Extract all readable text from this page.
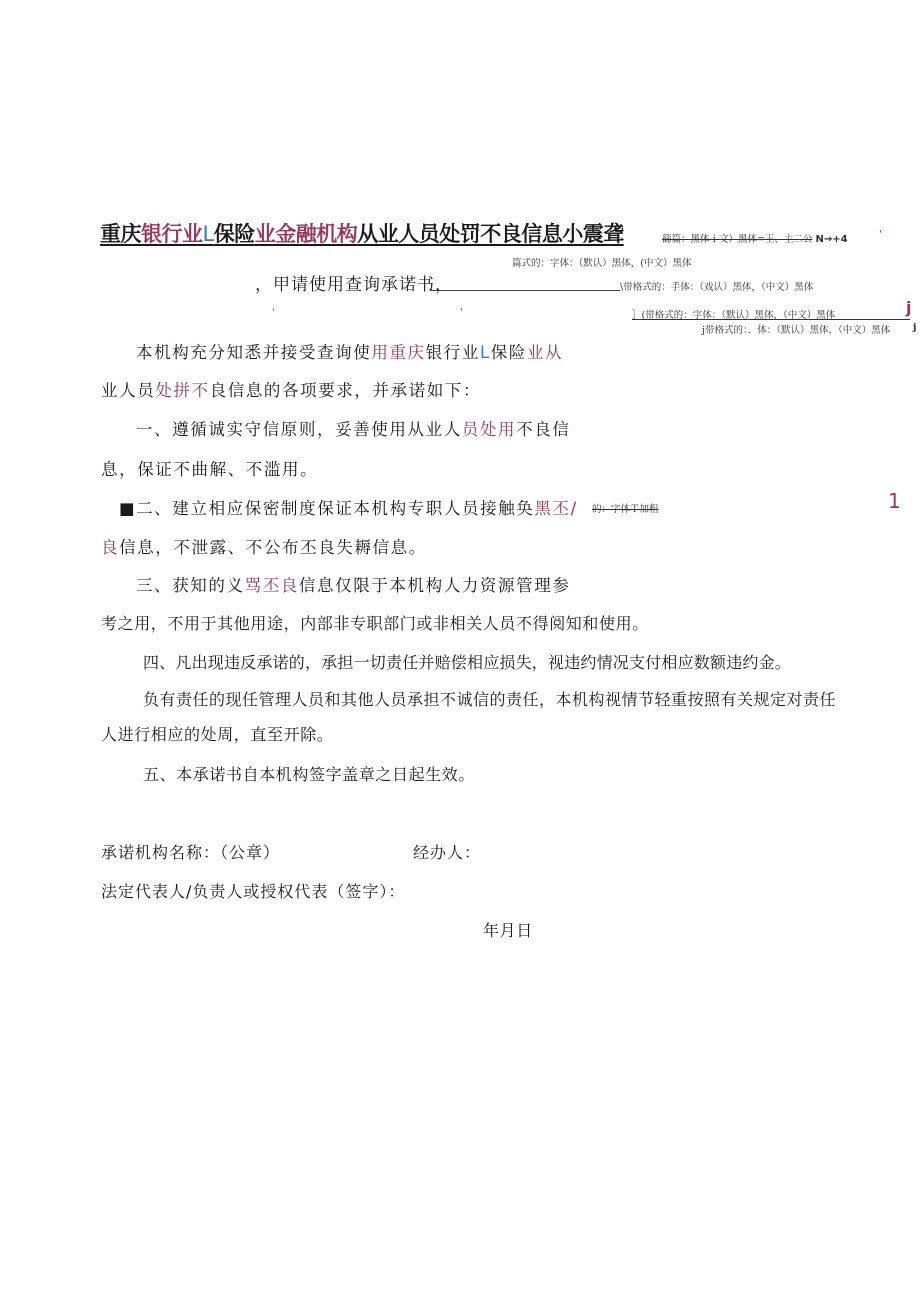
重庆银行业L保险业金融机构从业人员处罚不良信息小震聋	篩篇：黑体ｉ文）黑体=王、主二公 N→+4	'
篇式的：字体：（默认）黑体，(中文）黑体
，甲请使用查询承诺书，	\带格式的：手体：（戏认）黑体，（中文）黑体
'	'	］(带格式的：字体：（默认）黑体，（中文）黑体	j
j带格式的：．体：（默认）黑体，（中文）黑体 j
本机构充分知悉并接受查询使用重庆银行业L保险业从
业人员处拼不良信息的各项要求，并承诺如下：
一、遵循诚实守信原则，妥善使用从业人员处用不良信
息，保证不曲解、不滥用。
■二、建立相应保密制度保证本机构专职人员接触奂黑丕/ 的：字体Ｔ加粗	1
良信息，不泄露、不公布丕良失耨信息。
三、获知的义骂丕良信息仅限于本机构人力资源管理参
考之用，不用于其他用途，内部非专职部门或非相关人员不得阅知和使用。
四、凡出现违反承诺的，承担一切责任并赔偿相应损失，视违约情况支付相应数额违约金。
负有责任的现任管理人员和其他人员承担不诚信的责任，本机构视情节轻重按照有关规定对责任
人进行相应的处周，直至开除。
五、本承诺书自本机构签字盖章之日起生效。
承诺机构名称：（公章）	经办人：
法定代表人/负责人或授权代表（签字）：
年月日
